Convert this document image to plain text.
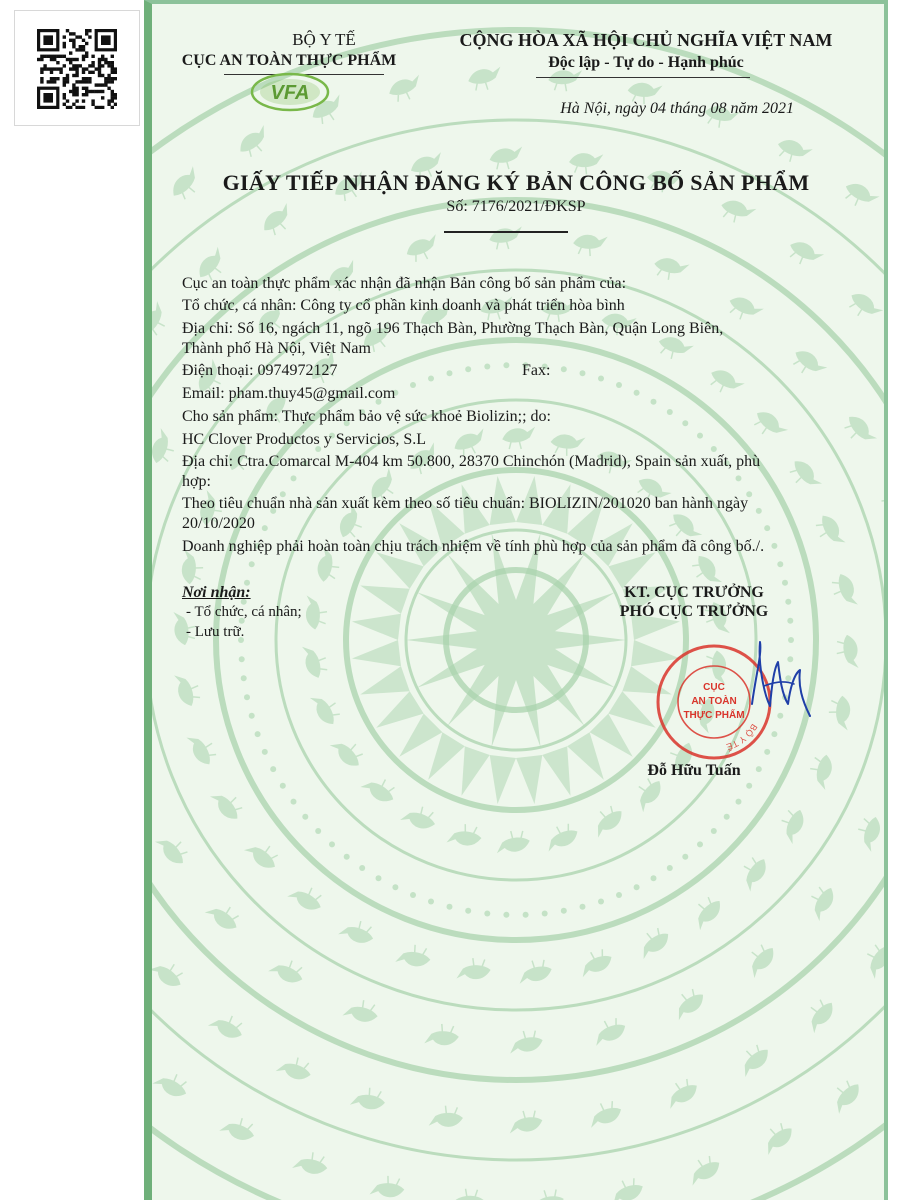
BỘ Y TẾ
CỤC AN TOÀN THỰC PHẨM
VFA
CỘNG HÒA XÃ HỘI CHỦ NGHĨA VIỆT NAM
Độc lập - Tự do - Hạnh phúc
Hà Nội, ngày 04 tháng 08 năm 2021
GIẤY TIẾP NHẬN ĐĂNG KÝ BẢN CÔNG BỐ SẢN PHẨM
Số: 7176/2021/ĐKSP
Cục an toàn thực phẩm xác nhận đã nhận Bản công bố sản phẩm của:
Tổ chức, cá nhân: Công ty cổ phần kinh doanh và phát triển hòa bình
Địa chỉ: Số 16, ngách 11, ngõ 196 Thạch Bàn, Phường Thạch Bàn, Quận Long Biên,
Thành phố Hà Nội, Việt Nam
Điện thoại: 0974972127	Fax:
Email: pham.thuy45@gmail.com
Cho sản phẩm: Thực phẩm bảo vệ sức khoẻ Biolizin;; do:
HC Clover Productos y Servicios, S.L
Địa chỉ: Ctra.Comarcal M-404 km 50.800, 28370 Chinchón (Madrid), Spain sản xuất, phù
hợp:
Theo tiêu chuẩn nhà sản xuất kèm theo số tiêu chuẩn: BIOLIZIN/201020 ban hành ngày
20/10/2020
Doanh nghiệp phải hoàn toàn chịu trách nhiệm về tính phù hợp của sản phẩm đã công bố./.
Nơi nhận:
- Tổ chức, cá nhân;
- Lưu trữ.
KT. CỤC TRƯỞNG
PHÓ CỤC TRƯỞNG
BỘ Y TẾ
CỤC
AN TOÀN
THỰC PHẨM
Đỗ Hữu Tuấn
